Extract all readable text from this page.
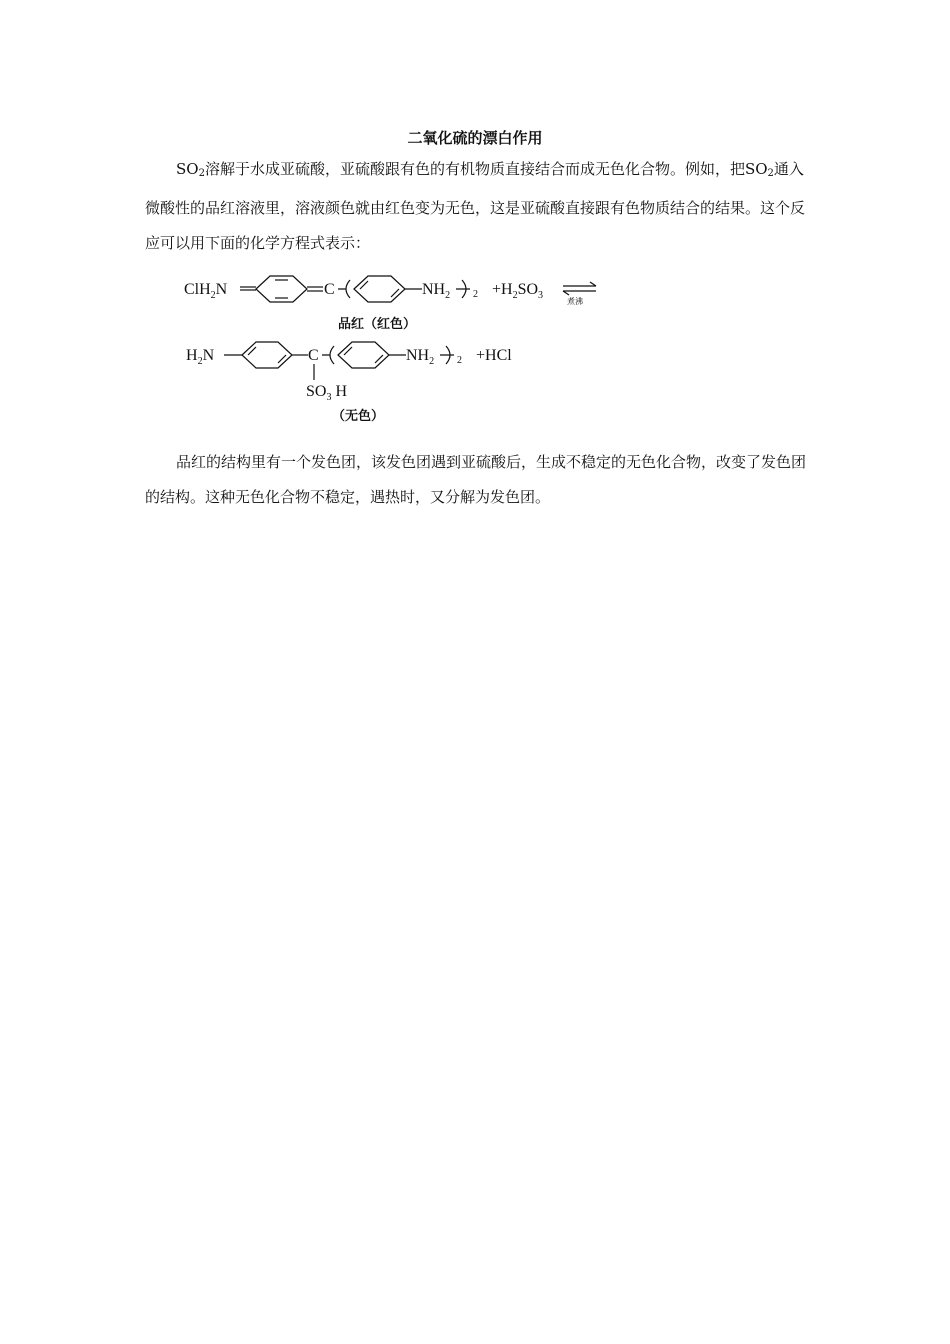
二氧化硫的漂白作用

$SO_2$溶解于水成亚硫酸，亚硫酸跟有色的有机物质直接结合而成无色化合物。例如，把$SO_2$通入微酸性的品红溶液里，溶液颜色就由红色变为无色，这是亚硫酸直接跟有色物质结合的结果。这个反应可以用下面的化学方程式表示：

ClH$_2$N	C	$NH_2$ $2 +H_2SO_3$
煮沸
品红（红色）
$H_2N$	C	$NH_2$ 2 +HCl
$SO_3$ H
（无色）

品红的结构里有一个发色团，该发色团遇到亚硫酸后，生成不稳定的无色化合物，改变了发色团的结构。这种无色化合物不稳定，遇热时，又分解为发色团。
